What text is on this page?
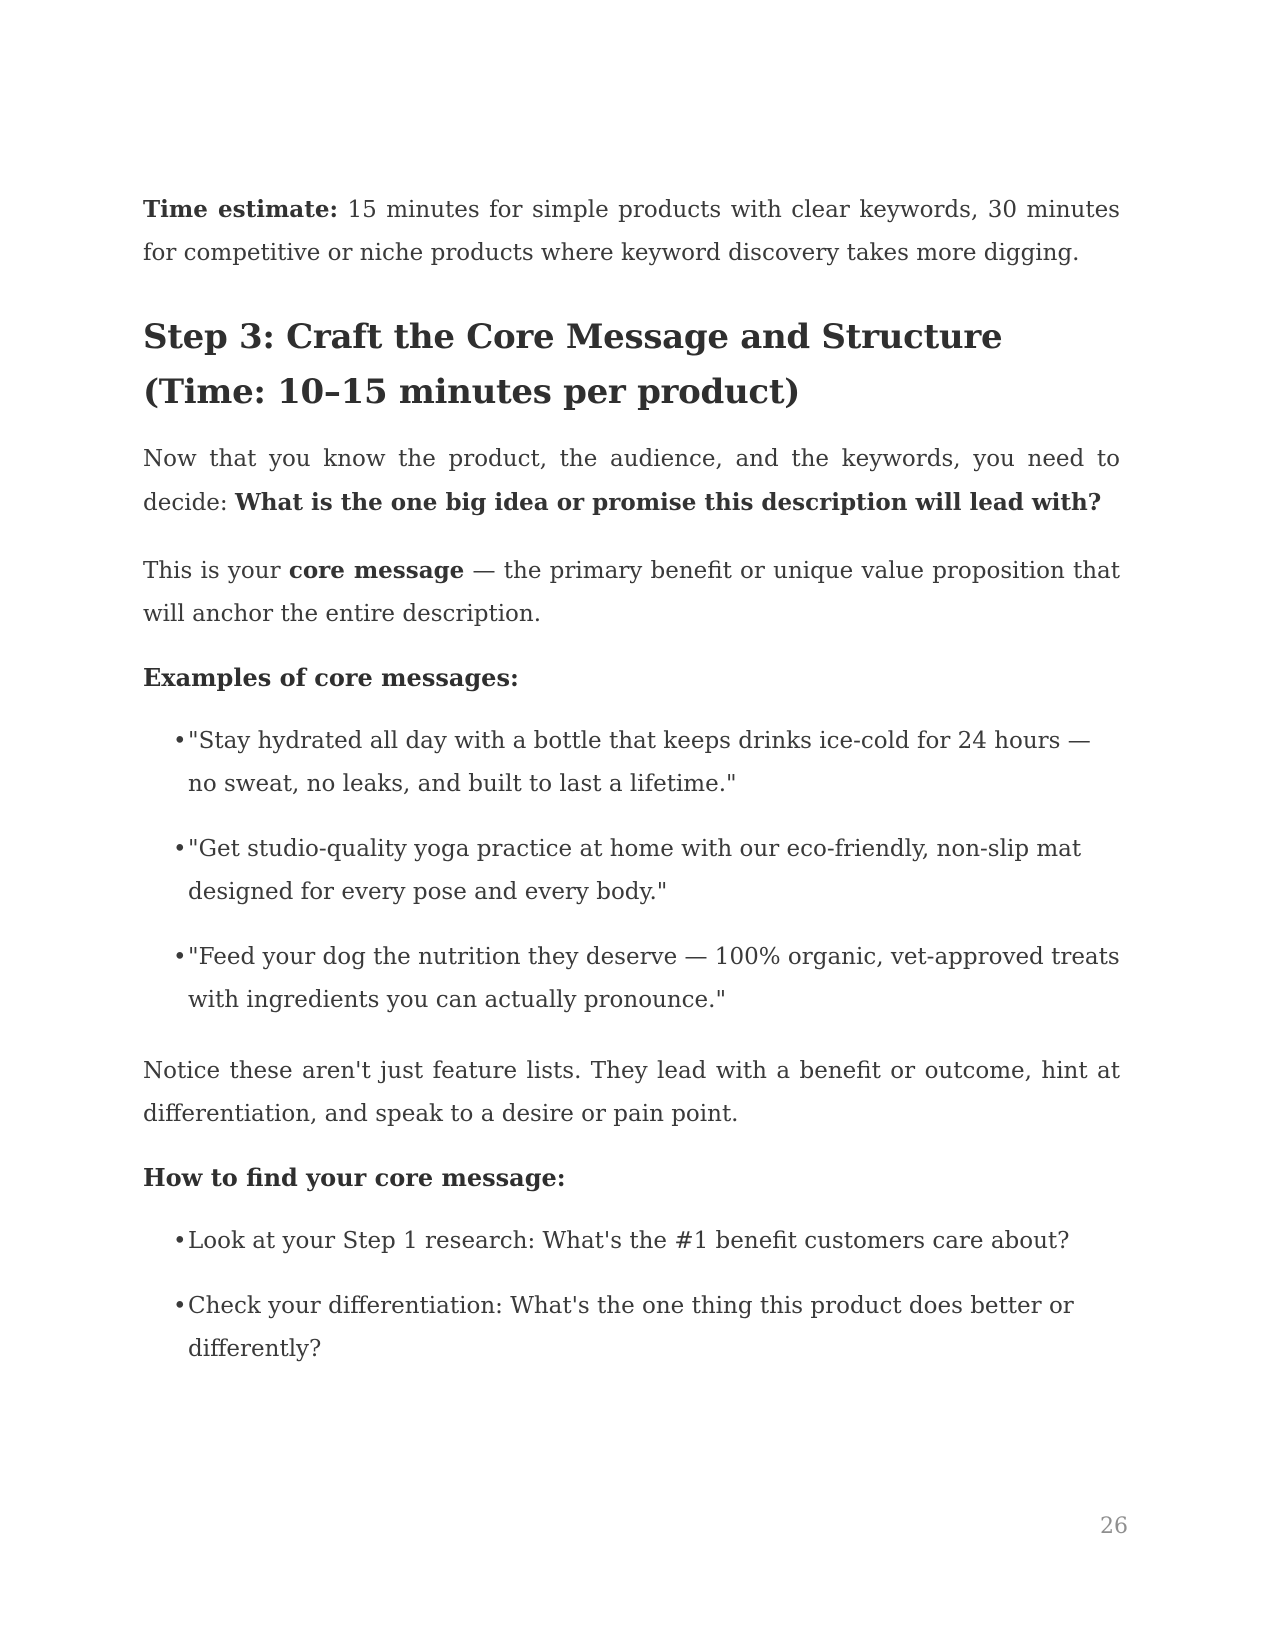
Time estimate: 15 minutes for simple products with clear keywords, 30 minutes for competitive or niche products where keyword discovery takes more digging.

Step 3: Craft the Core Message and Structure (Time: 10–15 minutes per product)

Now that you know the product, the audience, and the keywords, you need to decide: What is the one big idea or promise this description will lead with?

This is your core message — the primary benefit or unique value proposition that will anchor the entire description.

Examples of core messages:
• "Stay hydrated all day with a bottle that keeps drinks ice-cold for 24 hours — no sweat, no leaks, and built to last a lifetime."
• "Get studio-quality yoga practice at home with our eco-friendly, non-slip mat designed for every pose and every body."
• "Feed your dog the nutrition they deserve — 100% organic, vet-approved treats with ingredients you can actually pronounce."

Notice these aren't just feature lists. They lead with a benefit or outcome, hint at differentiation, and speak to a desire or pain point.

How to find your core message:
• Look at your Step 1 research: What's the #1 benefit customers care about?
• Check your differentiation: What's the one thing this product does better or differently?
26
